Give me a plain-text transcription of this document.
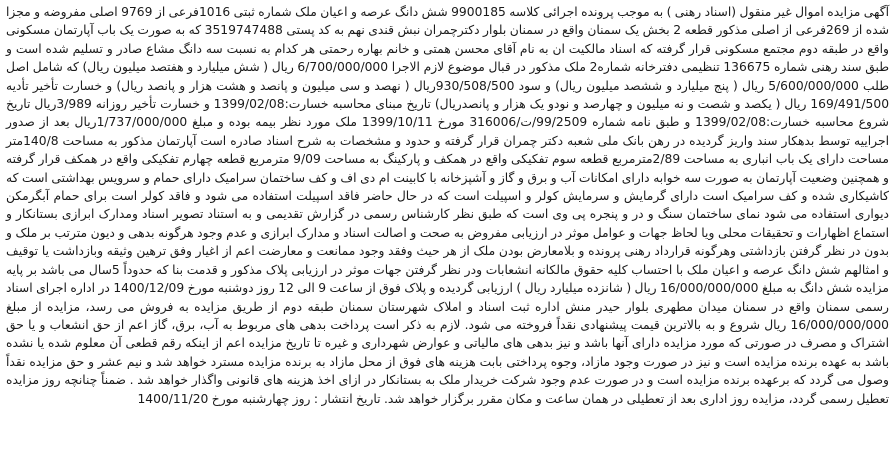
آگهی مزایده اموال غیر منقول (اسناد رهنی ) به موجب پرونده اجرائی کلاسه 9900185 شش دانگ عرصه و اعیان ملک شماره ثبتی 1016فرعی از 9769 اصلی مفروضه و مجزا شده از 269فرعی از اصلی مذکور قطعه 2 بخش یک سمنان واقع در سمنان بلوار دکترچمران نبش قندی نهم به کد پستی 3519747488 که به صورت یک باب آپارتمان مسکونی واقع در طبقه دوم مجتمع مسکونی قرار گرفته که اسناد مالکیت ان به نام آقای محسن همتی و خانم بهاره رحمتی هر کدام به نسبت سه دانگ مشاع صادر و تسلیم شده است و طبق سند رهنی شماره 136675 تنظیمی دفترخانه شماره2 ملک مذکور در قبال موضوع لازم الاجرا 6/700/000/000 ریال ( شش میلیارد و هفتصد میلیون ریال) که شامل اصل طلب 5/600/000/000 ریال ( پنج میلیارد و ششصد میلیون ریال) و سود 930/508/500ریال ( نهصد و سی میلیون و پانصد و هشت هزار و پانصد ریال) و خسارت تأخیر تأدیه 169/491/500 ریال ( یکصد و شصت و نه میلیون و چهارصد و نودو یک هزار و پانصدریال) تاریخ مبنای محاسبه خسارت:1399/02/08 و خسارت تأخیر روزانه 3/989ریال تاریخ شروع محاسبه خسارت:1399/02/08 و طبق نامه شماره 99/2509/ت/316006 مورخ 1399/10/11 ملک مورد نظر بیمه بوده و مبلغ 1/737/000/000ریال بعد از صدور اجراییه توسط بدهکار سند واریز گردیده در رهن بانک ملی شعبه دکتر چمران قرار گرفته و حدود و مشخصات به شرح اسناد صادره است آپارتمان مذکور به مساحت 140/8متر مساحت دارای یک باب انباری به مساحت 2/89مترمربع قطعه سوم تفکیکی واقع در همکف و پارکینگ به مساحت 9/09 مترمربع قطعه چهارم تفکیکی واقع در همکف قرار گرفته و همچنین وضعیت آپارتمان به صورت سه خوابه دارای امکانات آب و برق و گاز و آشپزخانه با کابینت ام دی اف و کف ساختمان سرامیک دارای حمام و سرویس بهداشتی است که کاشیکاری شده و کف سرامیک است دارای گرمایش و سرمایش کولر و اسپیلت است که در حال حاضر فاقد اسپیلت استفاده می شود و فاقد کولر است برای حمام آبگرمکن دیواری استفاده می شود نمای ساختمان سنگ و در و پنجره پی وی است که طبق نظر کارشناس رسمی در گزارش تقدیمی و به استناد تصویر اسناد ومدارک ابرازی بستانکار و استماع اظهارات و تحقیقات محلی ویا لحاظ جهات و عوامل موثر در ارزیابی مفروض به صحت و اصالت اسناد و مدارک ابرازی و عدم وجود هرگونه بدهی و دیون مترتب بر ملک و بدون در نظر گرفتن بازداشتی وهرگونه قرارداد رهنی پرونده و بلامعارض بودن ملک از هر حیث وفقد وجود ممانعت و معارضت اعم از اغیار وفق ترهین وثیقه وبازداشت یا توقیف و امثالهم شش دانگ عرصه و اعیان ملک با احتساب کلیه حقوق مالکانه انشعابات ودر نظر گرفتن جهات موثر در ارزیابی پلاک مذکور و قدمت بنا که حدوداً 5سال می باشد بر پایه مزایده شش دانگ به مبلغ 16/000/000/000 ریال ( شانزده میلیارد ریال ) ارزیابی گردیده و پلاک فوق از ساعت 9 الی 12 روز دوشنبه مورخ 1400/12/09 در اداره اجرای اسناد رسمی سمنان واقع در سمنان میدان مطهری بلوار حیدر منش اداره ثبت اسناد و املاک شهرستان سمنان طبقه دوم از طریق مزایده به فروش می رسد، مزایده از مبلغ 16/000/000/000 ریال شروع و به بالاترین قیمت پیشنهادی نقداً فروخته می شود. لازم به ذکر است پرداخت بدهی های مربوط به آب، برق، گاز اعم از حق انشعاب و یا حق اشتراک و مصرف در صورتی که مورد مزایده دارای آنها باشد و نیز بدهی های مالیاتی و عوارض شهرداری و غیره تا تاریخ مزایده اعم از اینکه رقم قطعی آن معلوم شده یا نشده باشد به عهده برنده مزایده است و نیز در صورت وجود مازاد، وجوه پرداختی بابت هزینه های فوق از محل مازاد به برنده مزایده مسترد خواهد شد و نیم عشر و حق مزایده نقداً وصول می گردد که برعهده برنده مزایده است و در صورت عدم وجود شرکت خریدار ملک به بستانکار در ازای اخذ هزینه های قانونی واگذار خواهد شد . ضمناً چنانچه روز مزایده تعطیل رسمی گردد، مزایده روز اداری بعد از تعطیلی در همان ساعت و مکان مقرر برگزار خواهد شد. تاریخ انتشار : روز چهارشنبه مورخ 1400/11/20
